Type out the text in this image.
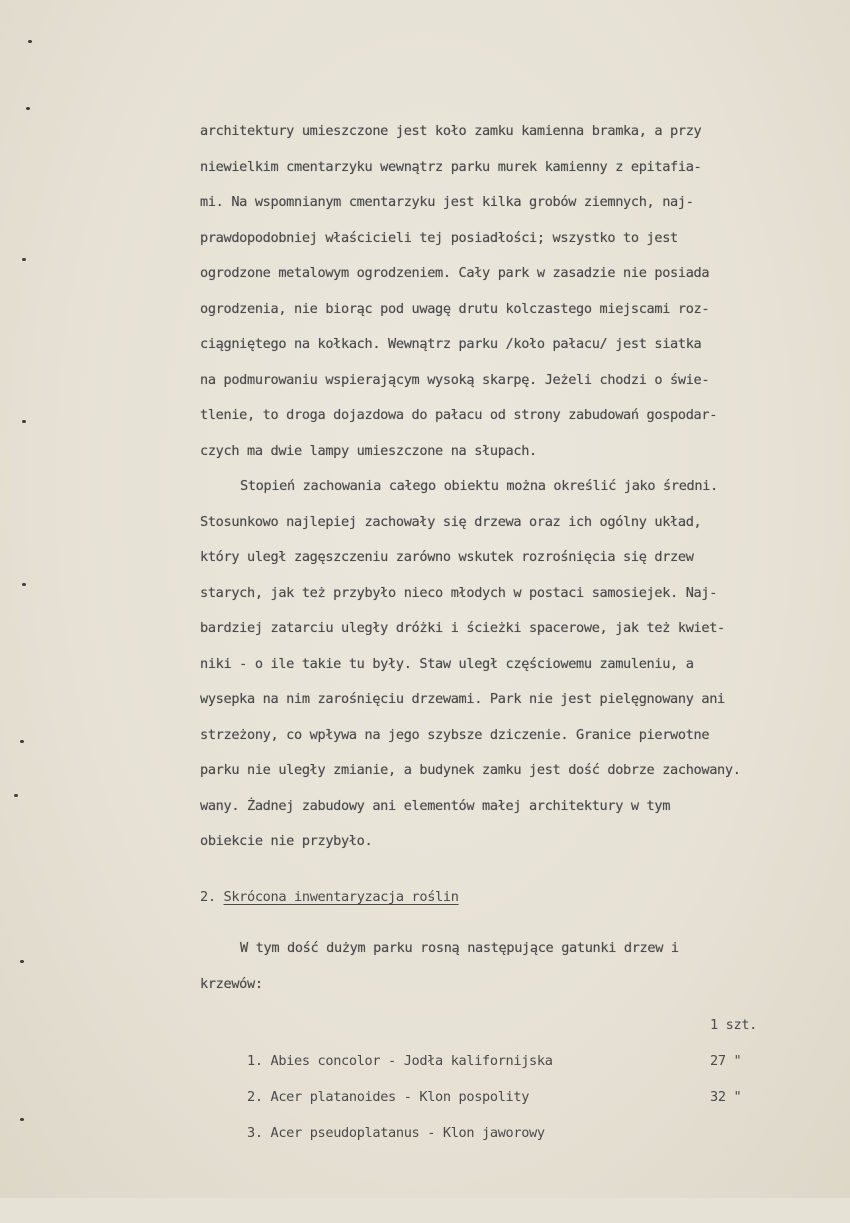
architektury umieszczone jest koło zamku kamienna bramka, a przy
niewielkim cmentarzyku wewnątrz parku murek kamienny z epitafia-
mi. Na wspomnianym cmentarzyku jest kilka grobów ziemnych, naj-
prawdopodobniej właścicieli tej posiadłości; wszystko to jest
ogrodzone metalowym ogrodzeniem. Cały park w zasadzie nie posiada
ogrodzenia, nie biorąc pod uwagę drutu kolczastego miejscami roz-
ciągniętego na kołkach. Wewnątrz parku /koło pałacu/ jest siatka
na podmurowaniu wspierającym wysoką skarpę. Jeżeli chodzi o świe-
tlenie, to droga dojazdowa do pałacu od strony zabudowań gospodar-
czych ma dwie lampy umieszczone na słupach.
Stopień zachowania całego obiektu można określić jako średni.
Stosunkowo najlepiej zachowały się drzewa oraz ich ogólny układ,
który uległ zagęszczeniu zarówno wskutek rozrośnięcia się drzew
starych, jak też przybyło nieco młodych w postaci samosiejek. Naj-
bardziej zatarciu uległy dróżki i ścieżki spacerowe, jak też kwiet-
niki - o ile takie tu były. Staw uległ częściowemu zamuleniu, a
wysepka na nim zarośnięciu drzewami. Park nie jest pielęgnowany ani
strzeżony, co wpływa na jego szybsze dziczenie. Granice pierwotne
parku nie uległy zmianie, a budynek zamku jest dość dobrze zachowany.
wany. Żadnej zabudowy ani elementów małej architektury w tym
obiekcie nie przybyło.
2. Skrócona inwentaryzacja roślin
W tym dość dużym parku rosną następujące gatunki drzew i
krzewów:

1. Abies concolor - Jodła kalifornijska

1 szt.

2. Acer platanoides - Klon pospolity

27 "

3. Acer pseudoplatanus - Klon jaworowy

32 "
